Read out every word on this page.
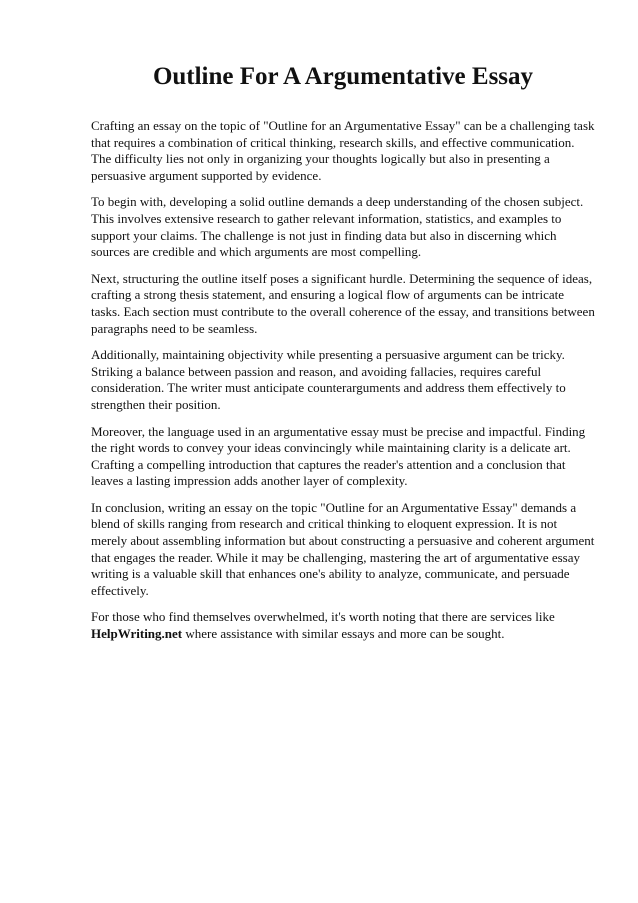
Outline For A Argumentative Essay

Crafting an essay on the topic of "Outline for an Argumentative Essay" can be a challenging task that requires a combination of critical thinking, research skills, and effective communication. The difficulty lies not only in organizing your thoughts logically but also in presenting a persuasive argument supported by evidence.

To begin with, developing a solid outline demands a deep understanding of the chosen subject. This involves extensive research to gather relevant information, statistics, and examples to support your claims. The challenge is not just in finding data but also in discerning which sources are credible and which arguments are most compelling.

Next, structuring the outline itself poses a significant hurdle. Determining the sequence of ideas, crafting a strong thesis statement, and ensuring a logical flow of arguments can be intricate tasks. Each section must contribute to the overall coherence of the essay, and transitions between paragraphs need to be seamless.

Additionally, maintaining objectivity while presenting a persuasive argument can be tricky. Striking a balance between passion and reason, and avoiding fallacies, requires careful consideration. The writer must anticipate counterarguments and address them effectively to strengthen their position.

Moreover, the language used in an argumentative essay must be precise and impactful. Finding the right words to convey your ideas convincingly while maintaining clarity is a delicate art. Crafting a compelling introduction that captures the reader's attention and a conclusion that leaves a lasting impression adds another layer of complexity.

In conclusion, writing an essay on the topic "Outline for an Argumentative Essay" demands a blend of skills ranging from research and critical thinking to eloquent expression. It is not merely about assembling information but about constructing a persuasive and coherent argument that engages the reader. While it may be challenging, mastering the art of argumentative essay writing is a valuable skill that enhances one's ability to analyze, communicate, and persuade effectively.

For those who find themselves overwhelmed, it's worth noting that there are services like
HelpWriting.net where assistance with similar essays and more can be sought.
